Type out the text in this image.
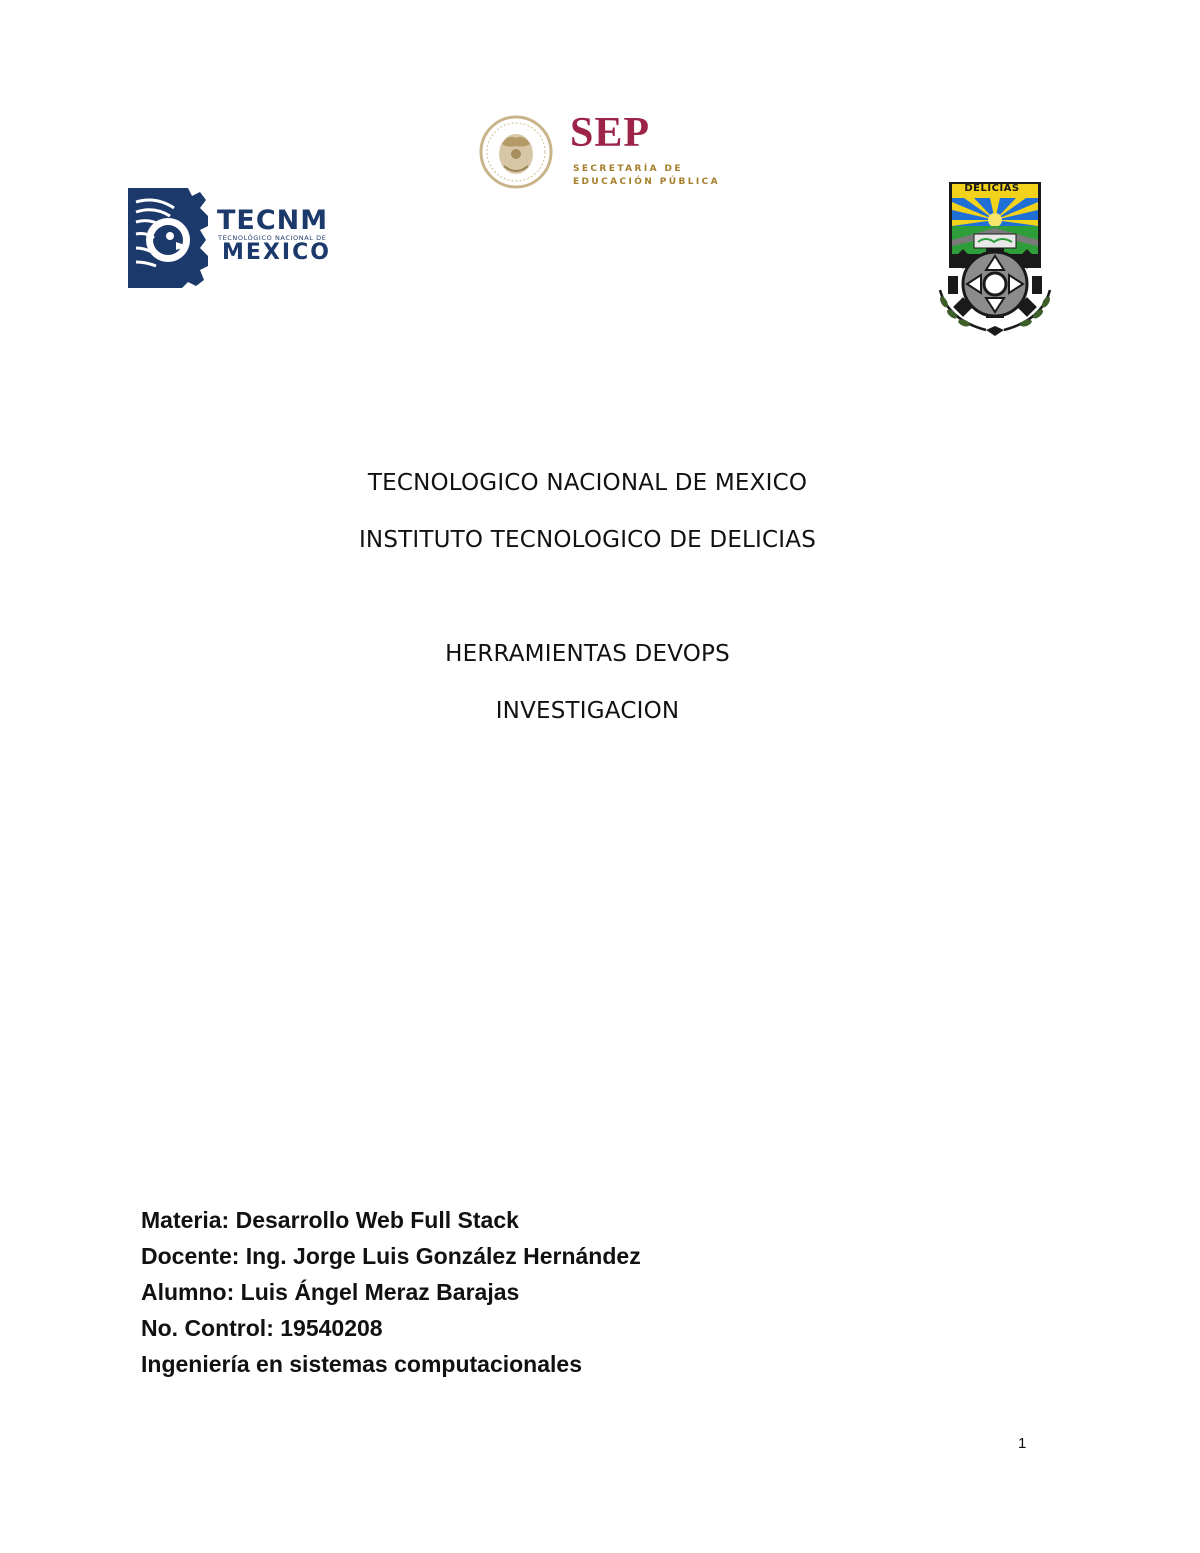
SEP
SECRETARÍA DE
EDUCACIÓN PÚBLICA
TECNM
TECNOLÓGICO NACIONAL DE
MEXICO
DELICIAS
TECNOLOGICO NACIONAL DE MEXICO
INSTITUTO TECNOLOGICO DE DELICIAS
HERRAMIENTAS DEVOPS
INVESTIGACION
Materia: Desarrollo Web Full Stack
Docente: Ing. Jorge Luis González Hernández
Alumno: Luis Ángel Meraz Barajas
No. Control: 19540208
Ingeniería en sistemas computacionales
1
